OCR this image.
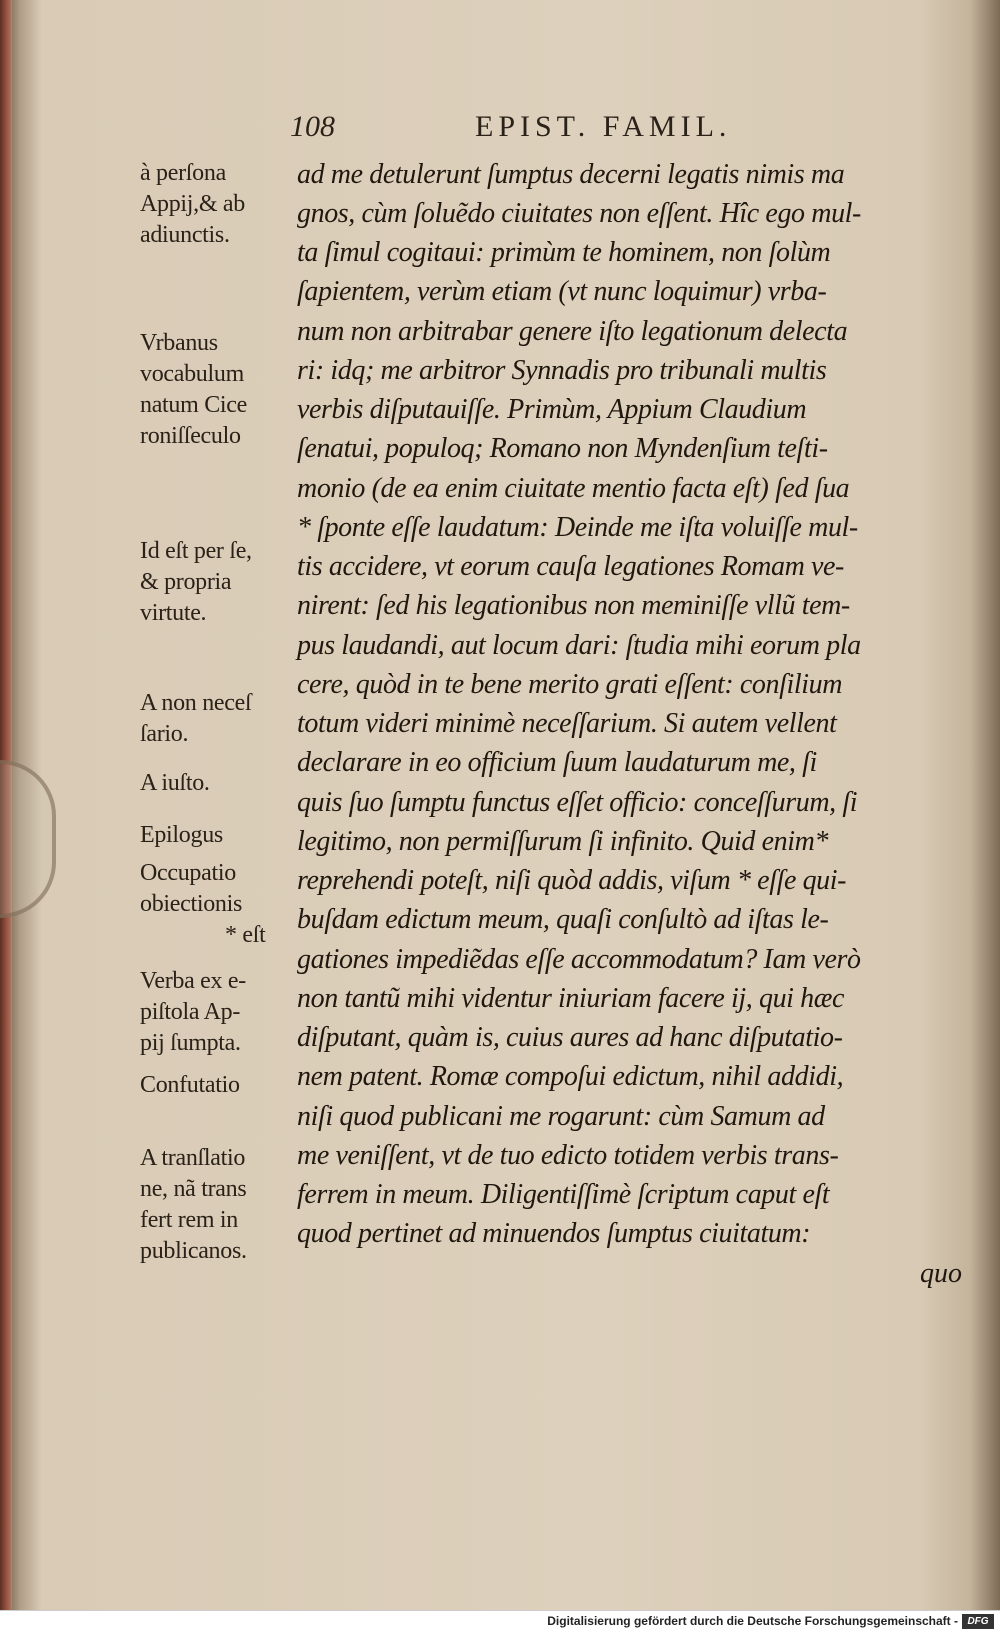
108	EPIST. FAMIL.
à perſona
Appij,& ab
adiunctis.
Vrbanus
vocabulum
natum Cice
roniſſeculo
Id eſt per ſe,
& propria
virtute.
A non neceſ
ſario.
A iuſto.
Epilogus
Occupatio
obiectionis
* eſt
Verba ex e-
piſtola Ap-
pij ſumpta.
Confutatio
A tranſlatio
ne, nã trans
fert rem in
publicanos.
ad me detulerunt ſumptus decerni legatis nimis ma
gnos, cùm ſoluẽdo ciuitates non eſſent. Hîc ego mul-
ta ſimul cogitaui: primùm te hominem, non ſolùm
ſapientem, verùm etiam (vt nunc loquimur) vrba-
num non arbitrabar genere iſto legationum delecta
ri: idq; me arbitror Synnadis pro tribunali multis
verbis diſputauiſſe. Primùm, Appium Claudium
ſenatui, populoq; Romano non Myndenſium teſti-
monio (de ea enim ciuitate mentio facta eſt) ſed ſua
* ſponte eſſe laudatum: Deinde me iſta voluiſſe mul-
tis accidere, vt eorum cauſa legationes Romam ve-
nirent: ſed his legationibus non meminiſſe vllũ tem-
pus laudandi, aut locum dari: ſtudia mihi eorum pla
cere, quòd in te bene merito grati eſſent: conſilium
totum videri minimè neceſſarium. Si autem vellent
declarare in eo officium ſuum laudaturum me, ſi
quis ſuo ſumptu functus eſſet officio: conceſſurum, ſi
legitimo, non permiſſurum ſi infinito. Quid enim*
reprehendi poteſt, niſi quòd addis, viſum * eſſe qui-
buſdam edictum meum, quaſi conſultò ad iſtas le-
gationes impediẽdas eſſe accommodatum? Iam verò
non tantũ mihi videntur iniuriam facere ij, qui hæc
diſputant, quàm is, cuius aures ad hanc diſputatio-
nem patent. Romæ compoſui edictum, nihil addidi,
niſi quod publicani me rogarunt: cùm Samum ad
me veniſſent, vt de tuo edicto totidem verbis trans-
ferrem in meum. Diligentiſſimè ſcriptum caput eſt
quod pertinet ad minuendos ſumptus ciuitatum:
quo
Digitalisierung gefördert durch die Deutsche Forschungsgemeinschaft - DFG
